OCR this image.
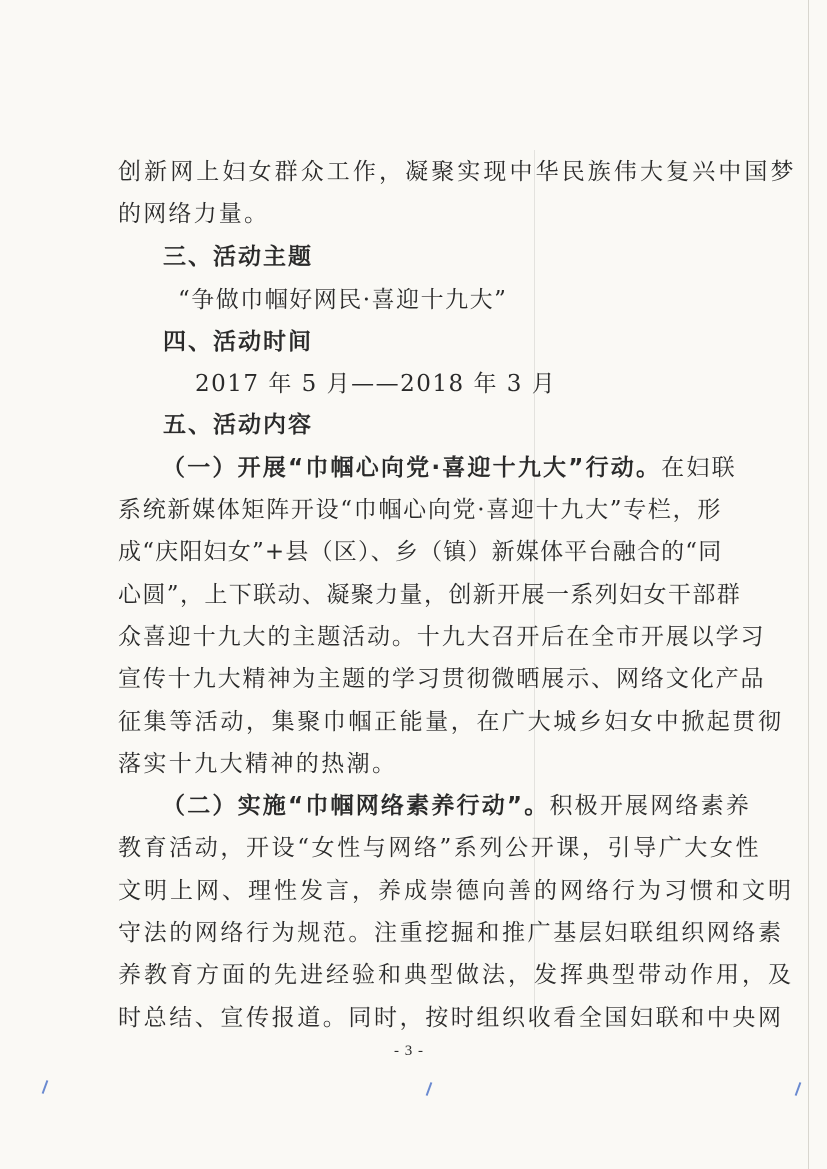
创新网上妇女群众工作，凝聚实现中华民族伟大复兴中国梦
的网络力量。
三、活动主题
“争做巾帼好网民·喜迎十九大”
四、活动时间
2017 年 5 月——2018 年 3 月
五、活动内容
（一）开展“巾帼心向党·喜迎十九大”行动。在妇联
系统新媒体矩阵开设“巾帼心向党·喜迎十九大”专栏，形
成“庆阳妇女”+县（区）、乡（镇）新媒体平台融合的“同
心圆”，上下联动、凝聚力量，创新开展一系列妇女干部群
众喜迎十九大的主题活动。十九大召开后在全市开展以学习
宣传十九大精神为主题的学习贯彻微晒展示、网络文化产品
征集等活动，集聚巾帼正能量，在广大城乡妇女中掀起贯彻
落实十九大精神的热潮。
（二）实施“巾帼网络素养行动”。积极开展网络素养
教育活动，开设“女性与网络”系列公开课，引导广大女性
文明上网、理性发言，养成崇德向善的网络行为习惯和文明
守法的网络行为规范。注重挖掘和推广基层妇联组织网络素
养教育方面的先进经验和典型做法，发挥典型带动作用，及
时总结、宣传报道。同时，按时组织收看全国妇联和中央网
- 3 -
